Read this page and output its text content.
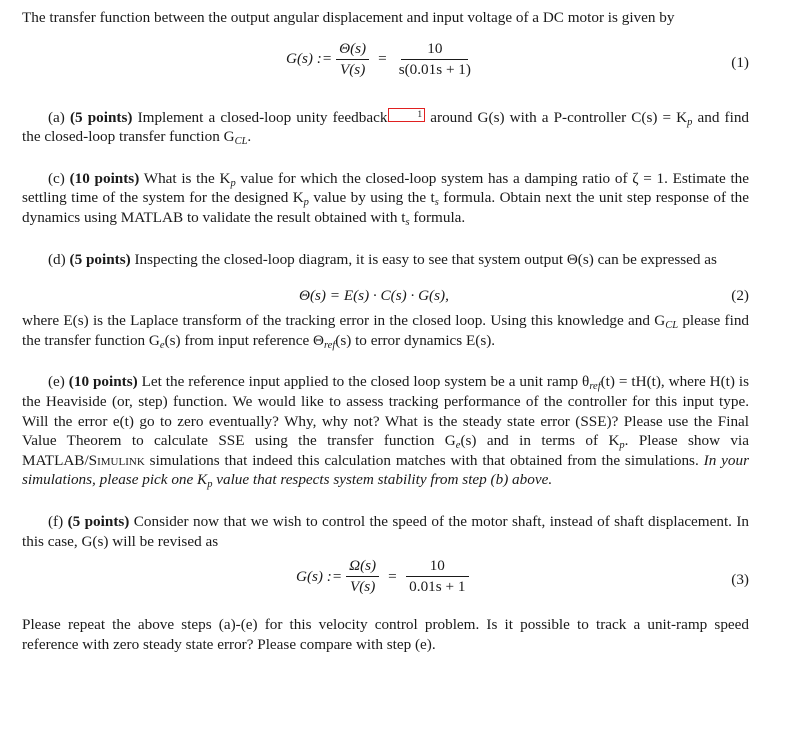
The transfer function between the output angular displacement and input voltage of a DC motor is given by

G(s) := $\frac{\Theta(s)}{V(s)} = \frac{10}{s(0.01s + 1)}$	(1)

(a) (5 points) Implement a closed-loop unity feedback	1 around G(s) with a P-controller $C(s) = K_p$ and find the closed-loop transfer function $G_{CL}$.

(c) (10 points) What is the $K_p$ value for which the closed-loop system has a damping ratio of ζ = 1. Estimate the settling time of the system for the designed $K_p$ value by using the $t_s$ formula. Obtain next the unit step response of the dynamics using MATLAB to validate the result obtained with $t_s$ formula.

(d) (5 points) Inspecting the closed-loop diagram, it is easy to see that system output Θ(s) can be expressed as

Θ(s) = E(s) · C(s) · G(s),	(2)

where E(s) is the Laplace transform of the tracking error in the closed loop. Using this knowledge and $G_{CL}$ please find the transfer function $G_e(s)$ from input reference $\Theta_{ref}(s)$ to error dynamics E(s).

(e) (10 points) Let the reference input applied to the closed loop system be a unit ramp $\theta_{ref}(t) = tH(t)$, where H(t) is the Heaviside (or, step) function. We would like to assess tracking performance of the controller for this input type. Will the error e(t) go to zero eventually? Why, why not? What is the steady state error (SSE)? Please use the Final Value Theorem to calculate SSE using the transfer function $G_e(s)$ and in terms of $K_p$. Please show via MATLAB/Simulink simulations that indeed this calculation matches with that obtained from the simulations. In your simulations, please pick one $K_p$ value that respects system stability from step (b) above.

(f) (5 points) Consider now that we wish to control the speed of the motor shaft, instead of shaft displacement. In this case, G(s) will be revised as

G(s) := $\frac{\Omega(s)}{V(s)} = \frac{10}{0.01s + 1}$	(3)

Please repeat the above steps (a)-(e) for this velocity control problem. Is it possible to track a unit-ramp speed reference with zero steady state error? Please compare with step (e).
